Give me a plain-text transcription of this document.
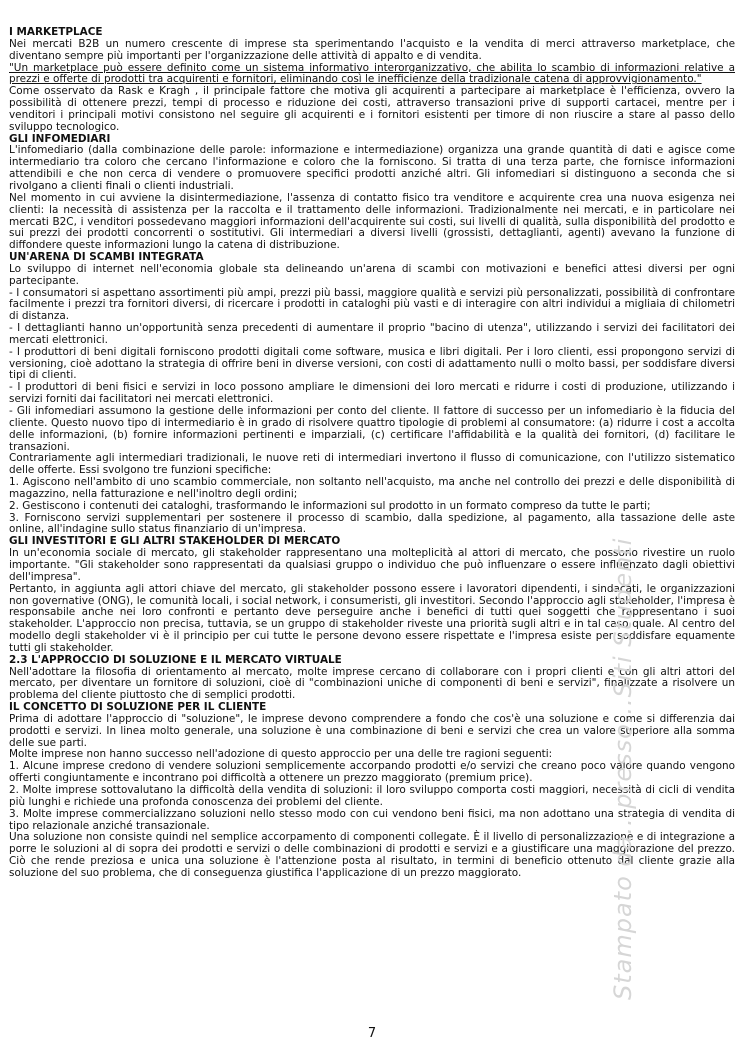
I MARKETPLACE

Nei mercati B2B un numero crescente di imprese sta sperimentando l'acquisto e la vendita di merci attraverso marketplace, che diventano sempre più importanti per l'organizzazione delle attività di appalto e di vendita.

"Un marketplace può essere definito come un sistema informativo interorganizzativo, che abilita lo scambio di informazioni relative a prezzi e offerte di prodotti tra acquirenti e fornitori, eliminando così le inefficienze della tradizionale catena di approvvigionamento."

Come osservato da Rask e Kragh , il principale fattore che motiva gli acquirenti a partecipare ai marketplace è l'efficienza, ovvero la possibilità di ottenere prezzi, tempi di processo e riduzione dei costi, attraverso transazioni prive di supporti cartacei, mentre per i venditori i principali motivi consistono nel seguire gli acquirenti e i fornitori esistenti per timore di non riuscire a stare al passo dello sviluppo tecnologico.

GLI INFOMEDIARI

L'infomediario (dalla combinazione delle parole: informazione e intermediazione) organizza una grande quantità di dati e agisce come intermediario tra coloro che cercano l'informazione e coloro che la forniscono. Si tratta di una terza parte, che fornisce informazioni attendibili e che non cerca di vendere o promuovere specifici prodotti anziché altri. Gli infomediari si distinguono a seconda che si rivolgano a clienti finali o clienti industriali.

Nel momento in cui avviene la disintermediazione, l'assenza di contatto fisico tra venditore e acquirente crea una nuova esigenza nei clienti: la necessità di assistenza per la raccolta e il trattamento delle informazioni. Tradizionalmente nei mercati, e in particolare nei mercati B2C, i venditori possedevano maggiori informazioni dell'acquirente sui costi, sui livelli di qualità, sulla disponibilità del prodotto e sui prezzi dei prodotti concorrenti o sostitutivi. Gli intermediari a diversi livelli (grossisti, dettaglianti, agenti) avevano la funzione di diffondere queste informazioni lungo la catena di distribuzione.

UN'ARENA DI SCAMBI INTEGRATA

Lo sviluppo di internet nell'economia globale sta delineando un'arena di scambi con motivazioni e benefici attesi diversi per ogni partecipante.

- I consumatori si aspettano assortimenti più ampi, prezzi più bassi, maggiore qualità e servizi più personalizzati, possibilità di confrontare facilmente i prezzi tra fornitori diversi, di ricercare i prodotti in cataloghi più vasti e di interagire con altri individui a migliaia di chilometri di distanza.

- I dettaglianti hanno un'opportunità senza precedenti di aumentare il proprio "bacino di utenza", utilizzando i servizi dei facilitatori dei mercati elettronici.

- I produttori di beni digitali forniscono prodotti digitali come software, musica e libri digitali. Per i loro clienti, essi propongono servizi di versioning, cioè adottano la strategia di offrire beni in diverse versioni, con costi di adattamento nulli o molto bassi, per soddisfare diversi tipi di clienti.

- I produttori di beni fisici e servizi in loco possono ampliare le dimensioni dei loro mercati e ridurre i costi di produzione, utilizzando i servizi forniti dai facilitatori nei mercati elettronici.

- Gli infomediari assumono la gestione delle informazioni per conto del cliente. Il fattore di successo per un infomediario è la fiducia del cliente. Questo nuovo tipo di intermediario è in grado di risolvere quattro tipologie di problemi al consumatore: (a) ridurre i cost a accolta delle informazioni, (b) fornire informazioni pertinenti e imparziali, (c) certificare l'affidabilità e la qualità dei fornitori, (d) facilitare le transazioni.

Contrariamente agli intermediari tradizionali, le nuove reti di intermediari invertono il flusso di comunicazione, con l'utilizzo sistematico delle offerte. Essi svolgono tre funzioni specifiche:

1. Agiscono nell'ambito di uno scambio commerciale, non soltanto nell'acquisto, ma anche nel controllo dei prezzi e delle disponibilità di magazzino, nella fatturazione e nell'inoltro degli ordini;

2. Gestiscono i contenuti dei cataloghi, trasformando le informazioni sul prodotto in un formato compreso da tutte le parti;

3. Forniscono servizi supplementari per sostenere il processo di scambio, dalla spedizione, al pagamento, alla tassazione delle aste online, all'indagine sullo status finanziario di un'impresa.

GLI INVESTITORI E GLI ALTRI STAKEHOLDER DI MERCATO

In un'economia sociale di mercato, gli stakeholder rappresentano una molteplicità al attori di mercato, che possono rivestire un ruolo importante. "Gli stakeholder sono rappresentati da qualsiasi gruppo o individuo che può influenzare o essere influenzato dagli obiettivi dell'impresa".

Pertanto, in aggiunta agli attori chiave del mercato, gli stakeholder possono essere i lavoratori dipendenti, i sindacati, le organizzazioni non governative (ONG), le comunità locali, i social network, i consumeristi, gli investitori. Secondo l'approccio agli stakeholder, l'impresa è responsabile anche nei loro confronti e pertanto deve perseguire anche i benefici di tutti quei soggetti che rappresentano i suoi stakeholder. L'approccio non precisa, tuttavia, se un gruppo di stakeholder riveste una priorità sugli altri e in tal caso quale. Al centro del modello degli stakeholder vi è il principio per cui tutte le persone devono essere rispettate e l'impresa esiste per soddisfare equamente tutti gli stakeholder.

2.3 L'APPROCCIO DI SOLUZIONE E IL MERCATO VIRTUALE

Nell'adottare la filosofia di orientamento al mercato, molte imprese cercano di collaborare con i propri clienti e con gli altri attori del mercato, per diventare un fornitore di soluzioni, cioè di "combinazioni uniche di componenti di beni e servizi", finalizzate a risolvere un problema del cliente piuttosto che di semplici prodotti.

IL CONCETTO DI SOLUZIONE PER IL CLIENTE

Prima di adottare l'approccio di "soluzione", le imprese devono comprendere a fondo che cos'è una soluzione e come si differenzia dai prodotti e servizi. In linea molto generale, una soluzione è una combinazione di beni e servizi che crea un valore superiore alla somma delle sue parti.

Molte imprese non hanno successo nell'adozione di questo approccio per una delle tre ragioni seguenti:

1. Alcune imprese credono di vendere soluzioni semplicemente accorpando prodotti e/o servizi che creano poco valore quando vengono offerti congiuntamente e incontrano poi difficoltà a ottenere un prezzo maggiorato (premium price).

2. Molte imprese sottovalutano la difficoltà della vendita di soluzioni: il loro sviluppo comporta costi maggiori, necessità di cicli di vendita più lunghi e richiede una profonda conoscenza dei problemi del cliente.

3. Molte imprese commercializzano soluzioni nello stesso modo con cui vendono beni fisici, ma non adottano una strategia di vendita di tipo relazionale anziché transazionale.

Una soluzione non consiste quindi nel semplice accorpamento di componenti collegate. È il livello di personalizzazione e di integrazione a porre le soluzioni al di sopra dei prodotti e servizi o delle combinazioni di prodotti e servizi e a giustificare una maggiorazione del prezzo. Ciò che rende preziosa e unica una soluzione è l'attenzione posta al risultato, in termini di beneficio ottenuto dal cliente grazie alla soluzione del suo problema, che di conseguenza giustifica l'applicazione di un prezzo maggiorato.

7
Stampato da...presso...Siti Studenti
